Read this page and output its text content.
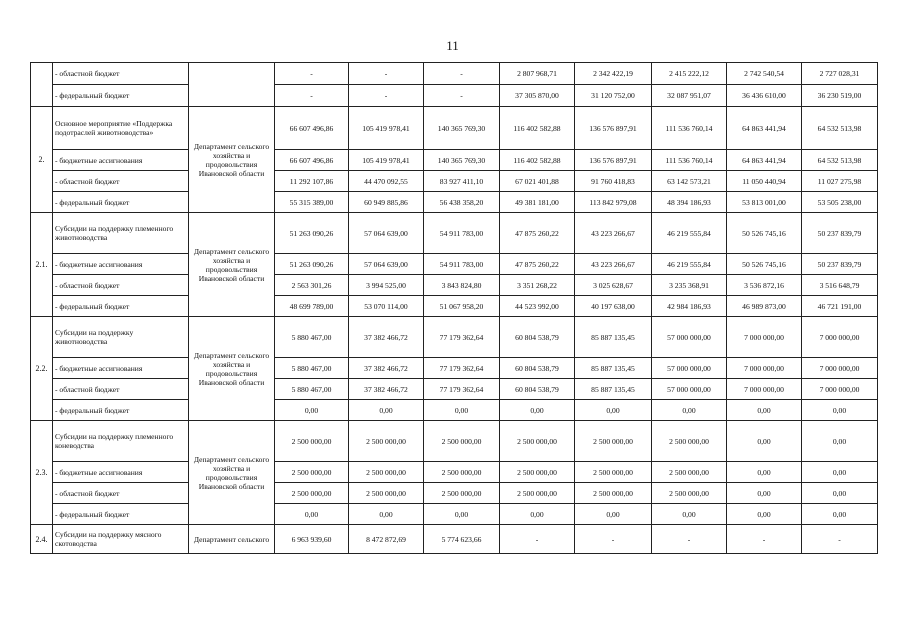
11
	- областной бюджет		-	-	-	2 807 968,71	2 342 422,19	2 415 222,12	2 742 540,54	2 727 028,31
	- федеральный бюджет		-	-	-	37 305 870,00	31 120 752,00	32 087 951,07	36 436 610,00	36 230 519,00
2.	Основное мероприятие «Поддержка подотраслей животноводства»	Департамент сельского хозяйства и продовольствия Ивановской области	66 607 496,86	105 419 978,41	140 365 769,30	116 402 582,88	136 576 897,91	111 536 760,14	64 863 441,94	64 532 513,98
	- бюджетные ассигнования		66 607 496,86	105 419 978,41	140 365 769,30	116 402 582,88	136 576 897,91	111 536 760,14	64 863 441,94	64 532 513,98
	- областной бюджет		11 292 107,86	44 470 092,55	83 927 411,10	67 021 401,88	91 760 418,83	63 142 573,21	11 050 440,94	11 027 275,98
	- федеральный бюджет		55 315 389,00	60 949 885,86	56 438 358,20	49 381 181,00	113 842 979,08	48 394 186,93	53 813 001,00	53 505 238,00
2.1.	Субсидии на поддержку племенного животноводства	Департамент сельского хозяйства и продовольствия Ивановской области	51 263 090,26	57 064 639,00	54 911 783,00	47 875 260,22	43 223 266,67	46 219 555,84	50 526 745,16	50 237 839,79
	- бюджетные ассигнования		51 263 090,26	57 064 639,00	54 911 783,00	47 875 260,22	43 223 266,67	46 219 555,84	50 526 745,16	50 237 839,79
	- областной бюджет		2 563 301,26	3 994 525,00	3 843 824,80	3 351 268,22	3 025 628,67	3 235 368,91	3 536 872,16	3 516 648,79
	- федеральный бюджет		48 699 789,00	53 070 114,00	51 067 958,20	44 523 992,00	40 197 638,00	42 984 186,93	46 989 873,00	46 721 191,00
2.2.	Субсидии на поддержку животноводства	Департамент сельского хозяйства и продовольствия Ивановской области	5 880 467,00	37 382 466,72	77 179 362,64	60 804 538,79	85 887 135,45	57 000 000,00	7 000 000,00	7 000 000,00
	- бюджетные ассигнования		5 880 467,00	37 382 466,72	77 179 362,64	60 804 538,79	85 887 135,45	57 000 000,00	7 000 000,00	7 000 000,00
	- областной бюджет		5 880 467,00	37 382 466,72	77 179 362,64	60 804 538,79	85 887 135,45	57 000 000,00	7 000 000,00	7 000 000,00
	- федеральный бюджет		0,00	0,00	0,00	0,00	0,00	0,00	0,00	0,00
2.3.	Субсидии на поддержку племенного коневодства	Департамент сельского хозяйства и продовольствия Ивановской области	2 500 000,00	2 500 000,00	2 500 000,00	2 500 000,00	2 500 000,00	2 500 000,00	0,00	0,00
	- бюджетные ассигнования		2 500 000,00	2 500 000,00	2 500 000,00	2 500 000,00	2 500 000,00	2 500 000,00	0,00	0,00
	- областной бюджет		2 500 000,00	2 500 000,00	2 500 000,00	2 500 000,00	2 500 000,00	2 500 000,00	0,00	0,00
	- федеральный бюджет		0,00	0,00	0,00	0,00	0,00	0,00	0,00	0,00
2.4.	Субсидии на поддержку мясного скотоводства	Департамент сельского	6 963 939,60	8 472 872,69	5 774 623,66	-	-	-	-	-
